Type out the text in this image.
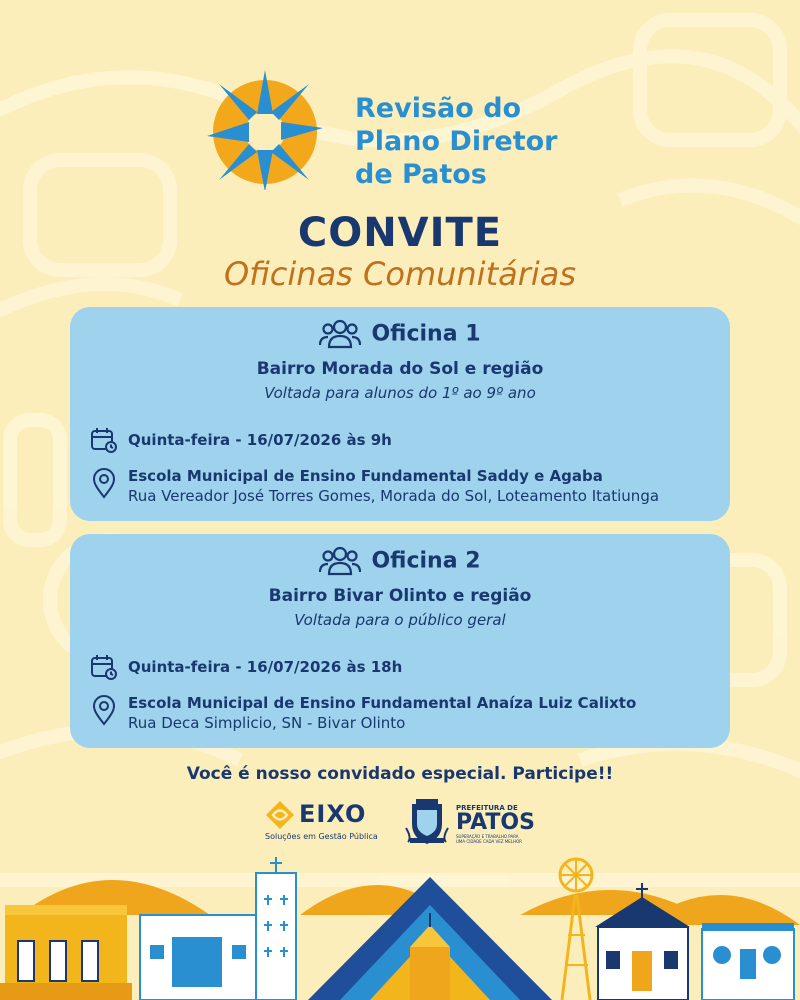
Revisão do
Plano Diretor
de Patos
CONVITE
Oficinas Comunitárias
Oficina 1
Bairro Morada do Sol e região
Voltada para alunos do 1º ao 9º ano
Quinta-feira - 16/07/2026 às 9h
Escola Municipal de Ensino Fundamental Saddy e Agaba
Rua Vereador José Torres Gomes, Morada do Sol, Loteamento Itatiunga
Oficina 2
Bairro Bivar Olinto e região
Voltada para o público geral
Quinta-feira - 16/07/2026 às 18h
Escola Municipal de Ensino Fundamental Anaíza Luiz Calixto
Rua Deca Simplicio, SN - Bivar Olinto
Você é nosso convidado especial. Participe!!
EIXO
Soluções em Gestão Pública
PREFEITURA DE
PATOS
SUPERAÇÃO E TRABALHO PARA UMA CIDADE CADA VEZ MELHOR
